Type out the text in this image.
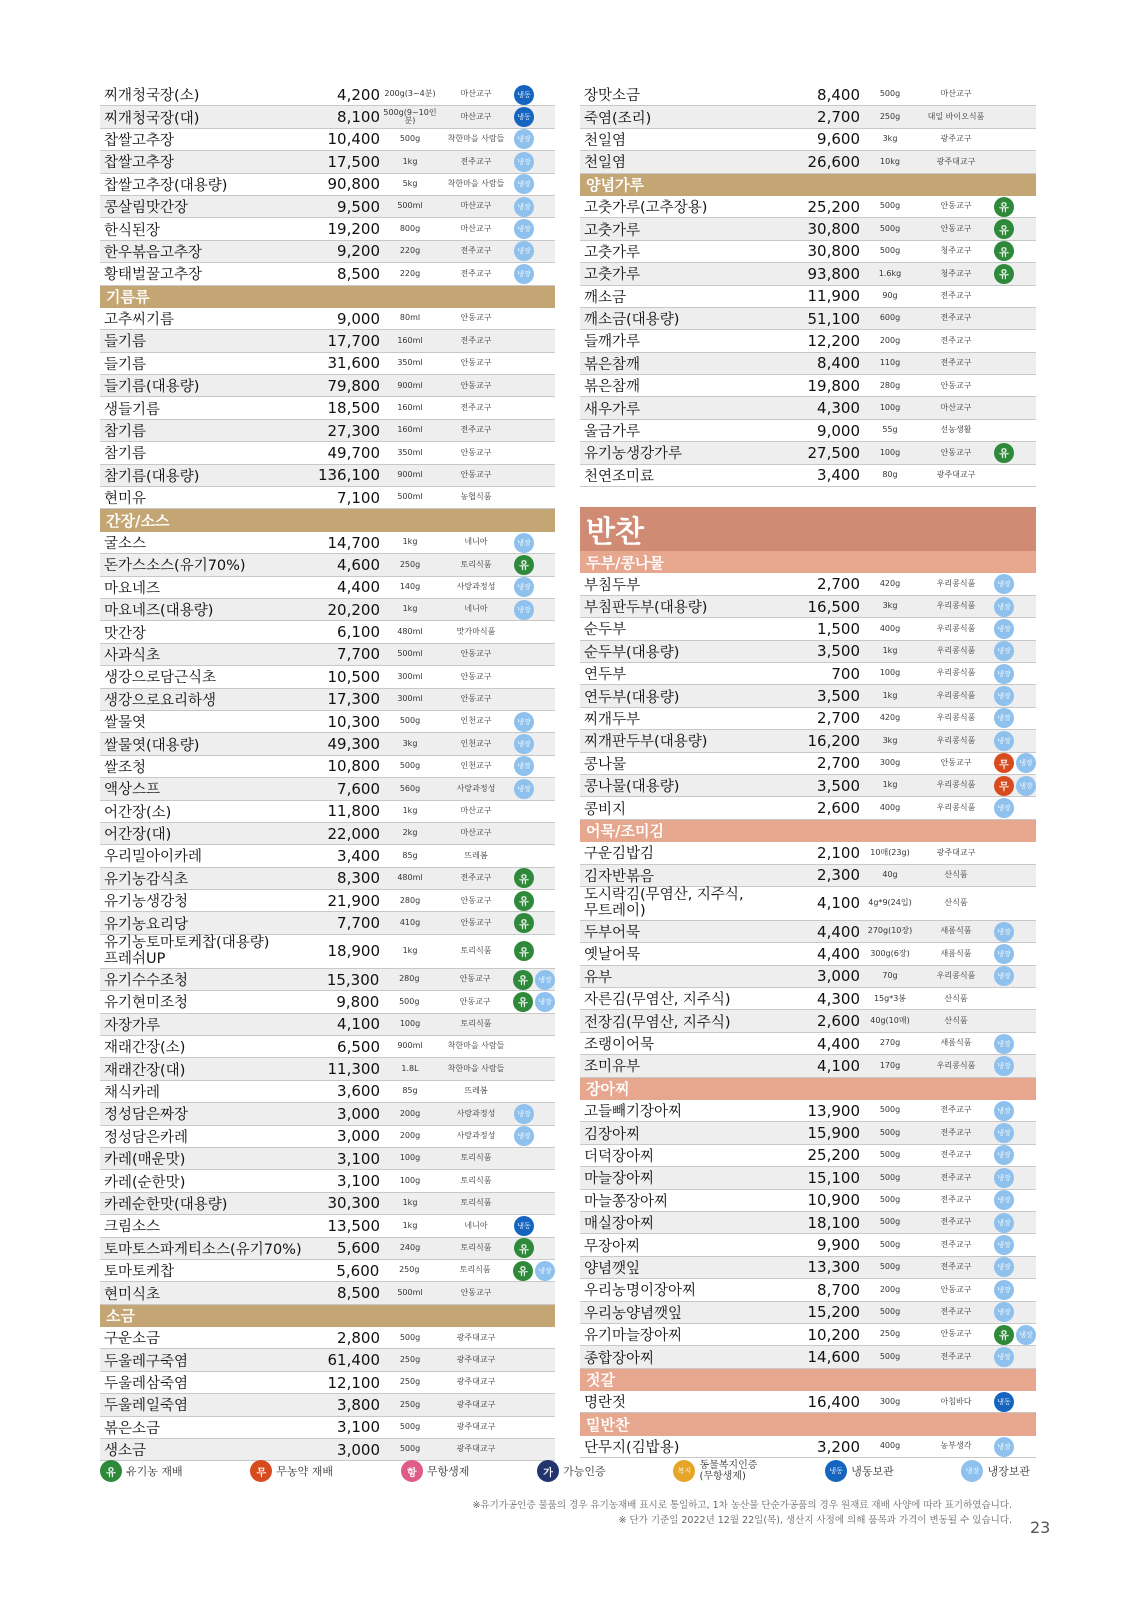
찌개청국장(소)	4,200 200g(3~4분)	마산교구	냉동
찌개청국장(대)	8,100 500g(9~10인분)	마산교구	냉동
찹쌀고추장	10,400	500g	착한마을 사람들	냉장
찹쌀고추장	17,500	1kg	전주교구	냉장
찹쌀고추장(대용량)	90,800	5kg	착한마을 사람들	냉장
콩살림맛간장	9,500	500ml	마산교구	냉장
한식된장	19,200	800g	마산교구	냉장
한우볶음고추장	9,200	220g	전주교구	냉장
황태벌꿀고추장	8,500	220g	전주교구	냉장
기름류
고추씨기름	9,000	80ml	안동교구
들기름	17,700	160ml	전주교구
들기름	31,600	350ml	안동교구
들기름(대용량)	79,800	900ml	안동교구
생들기름	18,500	160ml	전주교구
참기름	27,300	160ml	전주교구
참기름	49,700	350ml	안동교구
참기름(대용량)	136,100	900ml	안동교구
현미유	7,100	500ml	농협식품
간장/소스
굴소스	14,700	1kg	네니아	냉장
돈가스소스(유기70%)	4,600	250g	토리식품	유
마요네즈	4,400	140g	사랑과정성	냉장
마요네즈(대용량)	20,200	1kg	네니아	냉장
맛간장	6,100	480ml	맛가마식품
사과식초	7,700	500ml	안동교구
생강으로담근식초	10,500	300ml	안동교구
생강으로요리하생	17,300	300ml	안동교구
쌀물엿	10,300	500g	인천교구	냉장
쌀물엿(대용량)	49,300	3kg	인천교구	냉장
쌀조청	10,800	500g	인천교구	냉장
액상스프	7,600	560g	사랑과정성	냉장
어간장(소)	11,800	1kg	마산교구
어간장(대)	22,000	2kg	마산교구
우리밀아이카레	3,400	85g	뜨레봄
유기농감식초	8,300	480ml	전주교구	유
유기농생강청	21,900	280g	안동교구	유
유기농요리당	7,700	410g	안동교구	유
유기농토마토케찹(대용량)
프레쉬UP	18,900	1kg	토리식품	유
유기수수조청	15,300	280g	안동교구	유	냉장
유기현미조청	9,800	500g	안동교구	유	냉장
자장가루	4,100	100g	토리식품
재래간장(소)	6,500	900ml	착한마을 사람들
재래간장(대)	11,300	1.8L	착한마을 사람들
채식카레	3,600	85g	뜨레봄
정성담은짜장	3,000	200g	사랑과정성	냉장
정성담은카레	3,000	200g	사랑과정성	냉장
카레(매운맛)	3,100	100g	토리식품
카레(순한맛)	3,100	100g	토리식품
카레순한맛(대용량)	30,300	1kg	토리식품
크림소스	13,500	1kg	네니아	냉동
토마토스파게티소스(유기70%)	5,600	240g	토리식품	유
토마토케찹	5,600	250g	토리식품	유	냉장
현미식초	8,500	500ml	안동교구
소금
구운소금	2,800	500g	광주대교구
두울레구죽염	61,400	250g	광주대교구
두울레삼죽염	12,100	250g	광주대교구
두울레일죽염	3,800	250g	광주대교구
볶은소금	3,100	500g	광주대교구
생소금	3,000	500g	광주대교구
장맛소금	8,400	500g	마산교구
죽염(조리)	2,700	250g	대일 바이오식품
천일염	9,600	3kg	광주교구
천일염	26,600	10kg	광주대교구
양념가루
고춧가루(고추장용)	25,200	500g	안동교구	유
고춧가루	30,800	500g	안동교구	유
고춧가루	30,800	500g	청주교구	유
고춧가루	93,800	1.6kg	청주교구	유
깨소금	11,900	90g	전주교구
깨소금(대용량)	51,100	600g	전주교구
들깨가루	12,200	200g	전주교구
볶은참깨	8,400	110g	전주교구
볶은참깨	19,800	280g	안동교구
새우가루	4,300	100g	마산교구
울금가루	9,000	55g	선농생활
유기농생강가루	27,500	100g	안동교구	유
천연조미료	3,400	80g	광주대교구
반찬
두부/콩나물
부침두부	2,700	420g	우리콩식품	냉장
부침판두부(대용량)	16,500	3kg	우리콩식품	냉장
순두부	1,500	400g	우리콩식품	냉장
순두부(대용량)	3,500	1kg	우리콩식품	냉장
연두부	700	100g	우리콩식품	냉장
연두부(대용량)	3,500	1kg	우리콩식품	냉장
찌개두부	2,700	420g	우리콩식품	냉장
찌개판두부(대용량)	16,200	3kg	우리콩식품	냉장
콩나물	2,700	300g	안동교구	무	냉장
콩나물(대용량)	3,500	1kg	우리콩식품	무	냉장
콩비지	2,600	400g	우리콩식품	냉장
어묵/조미김
구운김밥김	2,100	10매(23g)	광주대교구
김자반볶음	2,300	40g	산식품
도시락김(무염산, 지주식,
무트레이)	4,100	4g*9(24입)	산식품
두부어묵	4,400 270g(10장)	새롬식품	냉장
옛날어묵	4,400	300g(6장)	새롬식품	냉장
유부	3,000	70g	우리콩식품	냉장
자른김(무염산, 지주식)	4,300	15g*3봉	산식품
전장김(무염산, 지주식)	2,600	40g(10매)	산식품
조랭이어묵	4,400	270g	새롬식품	냉장
조미유부	4,100	170g	우리콩식품	냉장
장아찌
고들빼기장아찌	13,900	500g	전주교구	냉장
김장아찌	15,900	500g	전주교구	냉장
더덕장아찌	25,200	500g	전주교구	냉장
마늘장아찌	15,100	500g	전주교구	냉장
마늘쫑장아찌	10,900	500g	전주교구	냉장
매실장아찌	18,100	500g	전주교구	냉장
무장아찌	9,900	500g	전주교구	냉장
양념깻잎	13,300	500g	전주교구	냉장
우리농명이장아찌	8,700	200g	안동교구	냉장
우리농양념깻잎	15,200	500g	전주교구	냉장
유기마늘장아찌	10,200	250g	안동교구	유	냉장
종합장아찌	14,600	500g	전주교구	냉장
젓갈
명란젓	16,400	300g	아침바다	냉동
밑반찬
단무지(김밥용)	3,200	400g	농부생각	냉장
유 유기농 재배	무 무농약 재배	항 무항생제	가 가능인증	복지 동물복지인증
(무항생제)	냉동 냉동보관	냉장 냉장보관
※유기가공인증 물품의 경우 유기농재배 표시로 통일하고, 1차 농산물 단순가공품의 경우 원재료 재배 사양에 따라 표기하였습니다.
※ 단가 기준일 2022년 12월 22일(목), 생산지 사정에 의해 품목과 가격이 변동될 수 있습니다. 23
